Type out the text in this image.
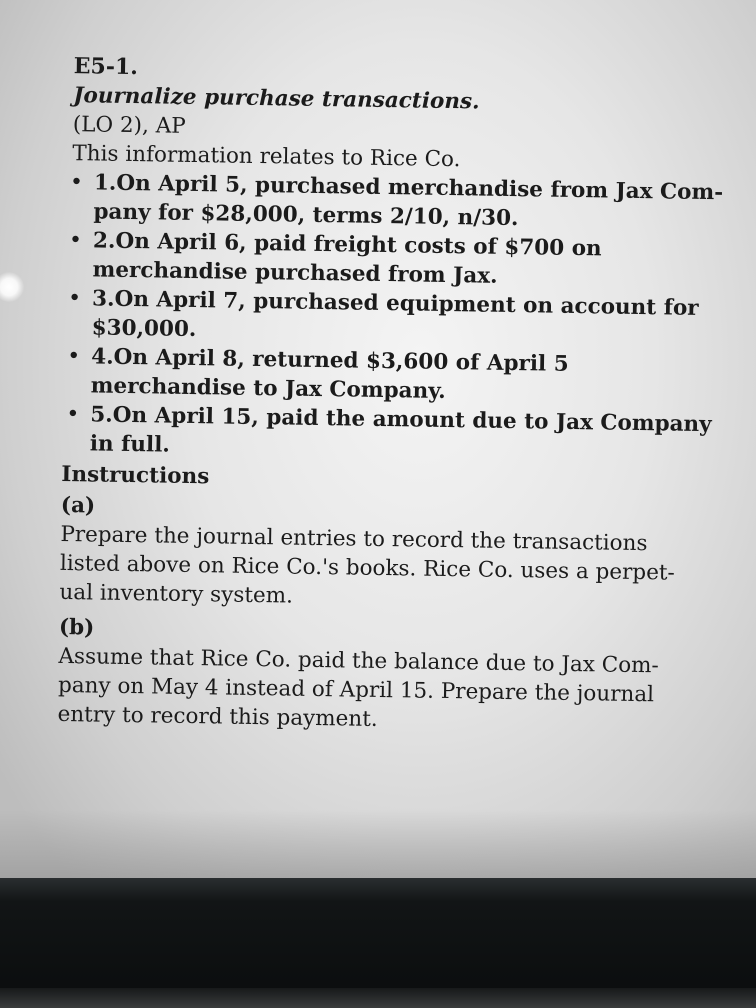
E5-1.
Journalize purchase transactions.
(LO 2), AP
This information relates to Rice Co.
• 1.On April 5, purchased merchandise from Jax Com- pany for $28,000, terms 2/10, n/30.
• 2.On April 6, paid freight costs of $700 on merchandise purchased from Jax.
• 3.On April 7, purchased equipment on account for $30,000.
• 4.On April 8, returned $3,600 of April 5 merchandise to Jax Company.
• 5.On April 15, paid the amount due to Jax Company in full.
Instructions
(a)

Prepare the journal entries to record the transactions listed above on Rice Co.'s books. Rice Co. uses a perpet- ual inventory system.

(b)

Assume that Rice Co. paid the balance due to Jax Com- pany on May 4 instead of April 15. Prepare the journal entry to record this payment.
